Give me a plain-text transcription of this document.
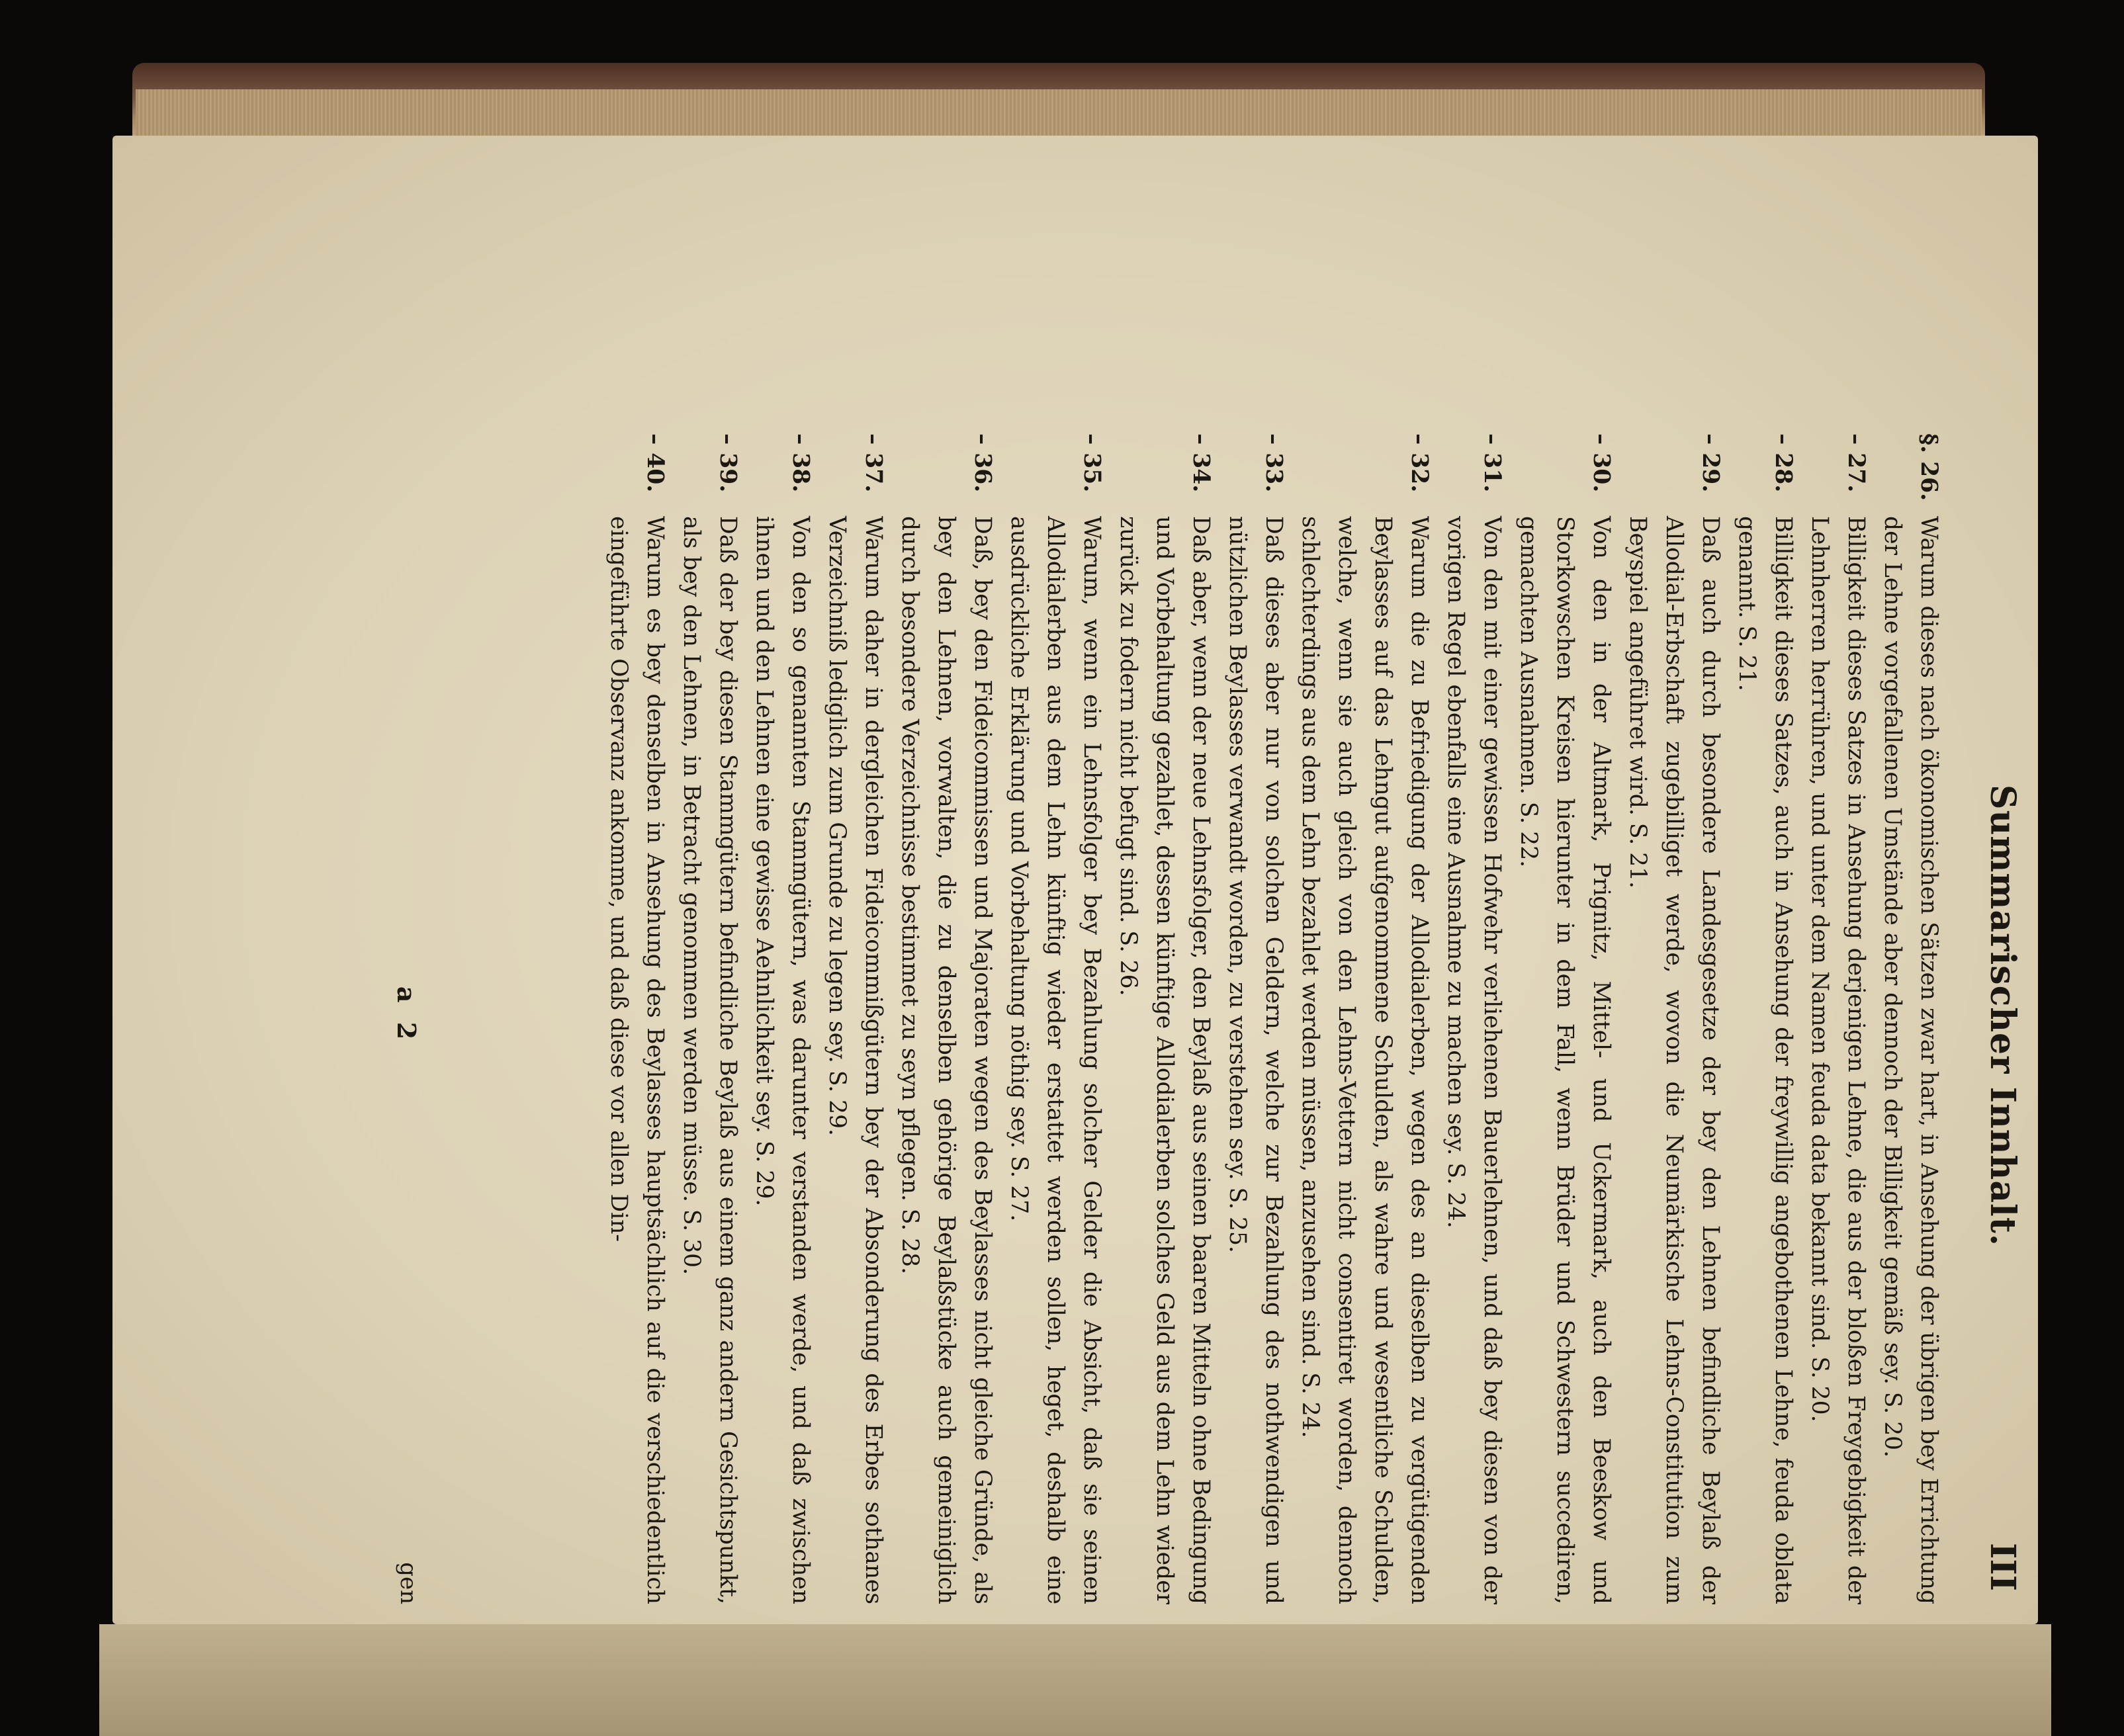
Summarischer Innhalt.
III
§. 26.
Warum dieses nach ökonomischen Sätzen zwar hart, in Ansehung der übrigen bey Errichtung der Lehne vorgefallenen Umstände aber dennoch der Billigkeit gemäß sey. S. 20.
– 27.
Billigkeit dieses Satzes in Ansehung derjenigen Lehne, die aus der bloßen Freygebigkeit der Lehnherren herrühren, und unter dem Namen feuda data bekannt sind. S. 20.
– 28.
Billigkeit dieses Satzes, auch in Ansehung der freywillig angebothenen Lehne, feuda oblata genannt. S. 21.
– 29.
Daß auch durch besondere Landesgesetze der bey den Lehnen befindliche Beylaß der Allodial-Erbschaft zugebilliget werde, wovon die Neumärkische Lehns-Constitution zum Beyspiel angeführet wird. S. 21.
– 30.
Von den in der Altmark, Prignitz, Mittel- und Uckermark, auch den Beeskow und Storkowschen Kreisen hierunter in dem Fall, wenn Brüder und Schwestern succediren, gemachten Ausnahmen. S. 22.
– 31.
Von den mit einer gewissen Hofwehr verliehenen Bauerlehnen, und daß bey diesen von der vorigen Regel ebenfalls eine Ausnahme zu machen sey. S. 24.
– 32.
Warum die zu Befriedigung der Allodialerben, wegen des an dieselben zu vergütigenden Beylasses auf das Lehngut aufgenommene Schulden, als wahre und wesentliche Schulden, welche, wenn sie auch gleich von den Lehns-Vettern nicht consentiret worden, dennoch schlechterdings aus dem Lehn bezahlet werden müssen, anzusehen sind. S. 24.
– 33.
Daß dieses aber nur von solchen Geldern, welche zur Bezahlung des nothwendigen und nützlichen Beylasses verwandt worden, zu verstehen sey. S. 25.
– 34.
Daß aber, wenn der neue Lehnsfolger, den Beylaß aus seinen baaren Mitteln ohne Bedingung und Vorbehaltung gezahlet, dessen künftige Allodialerben solches Geld aus dem Lehn wieder zurück zu fodern nicht befugt sind. S. 26.
– 35.
Warum, wenn ein Lehnsfolger bey Bezahlung solcher Gelder die Absicht, daß sie seinen Allodialerben aus dem Lehn künftig wieder erstattet werden sollen, heget, deshalb eine ausdrückliche Erklärung und Vorbehaltung nöthig sey. S. 27.
– 36.
Daß, bey den Fideicommissen und Majoraten wegen des Beylasses nicht gleiche Gründe, als bey den Lehnen, vorwalten, die zu denselben gehörige Beylaßstücke auch gemeiniglich durch besondere Verzeichnisse bestimmet zu seyn pflegen. S. 28.
– 37.
Warum daher in dergleichen Fideicommißgütern bey der Absonderung des Erbes sothanes Verzeichniß lediglich zum Grunde zu legen sey. S. 29.
– 38.
Von den so genannten Stammgütern, was darunter verstanden werde, und daß zwischen ihnen und den Lehnen eine gewisse Aehnlichkeit sey. S. 29.
– 39.
Daß der bey diesen Stammgütern befindliche Beylaß aus einem ganz andern Gesichtspunkt, als bey den Lehnen, in Betracht genommen werden müsse. S. 30.
– 40.
Warum es bey denselben in Ansehung des Beylasses hauptsächlich auf die verschiedentlich eingeführte Observanz ankomme, und daß diese vor allen Din-
a 2
gen
